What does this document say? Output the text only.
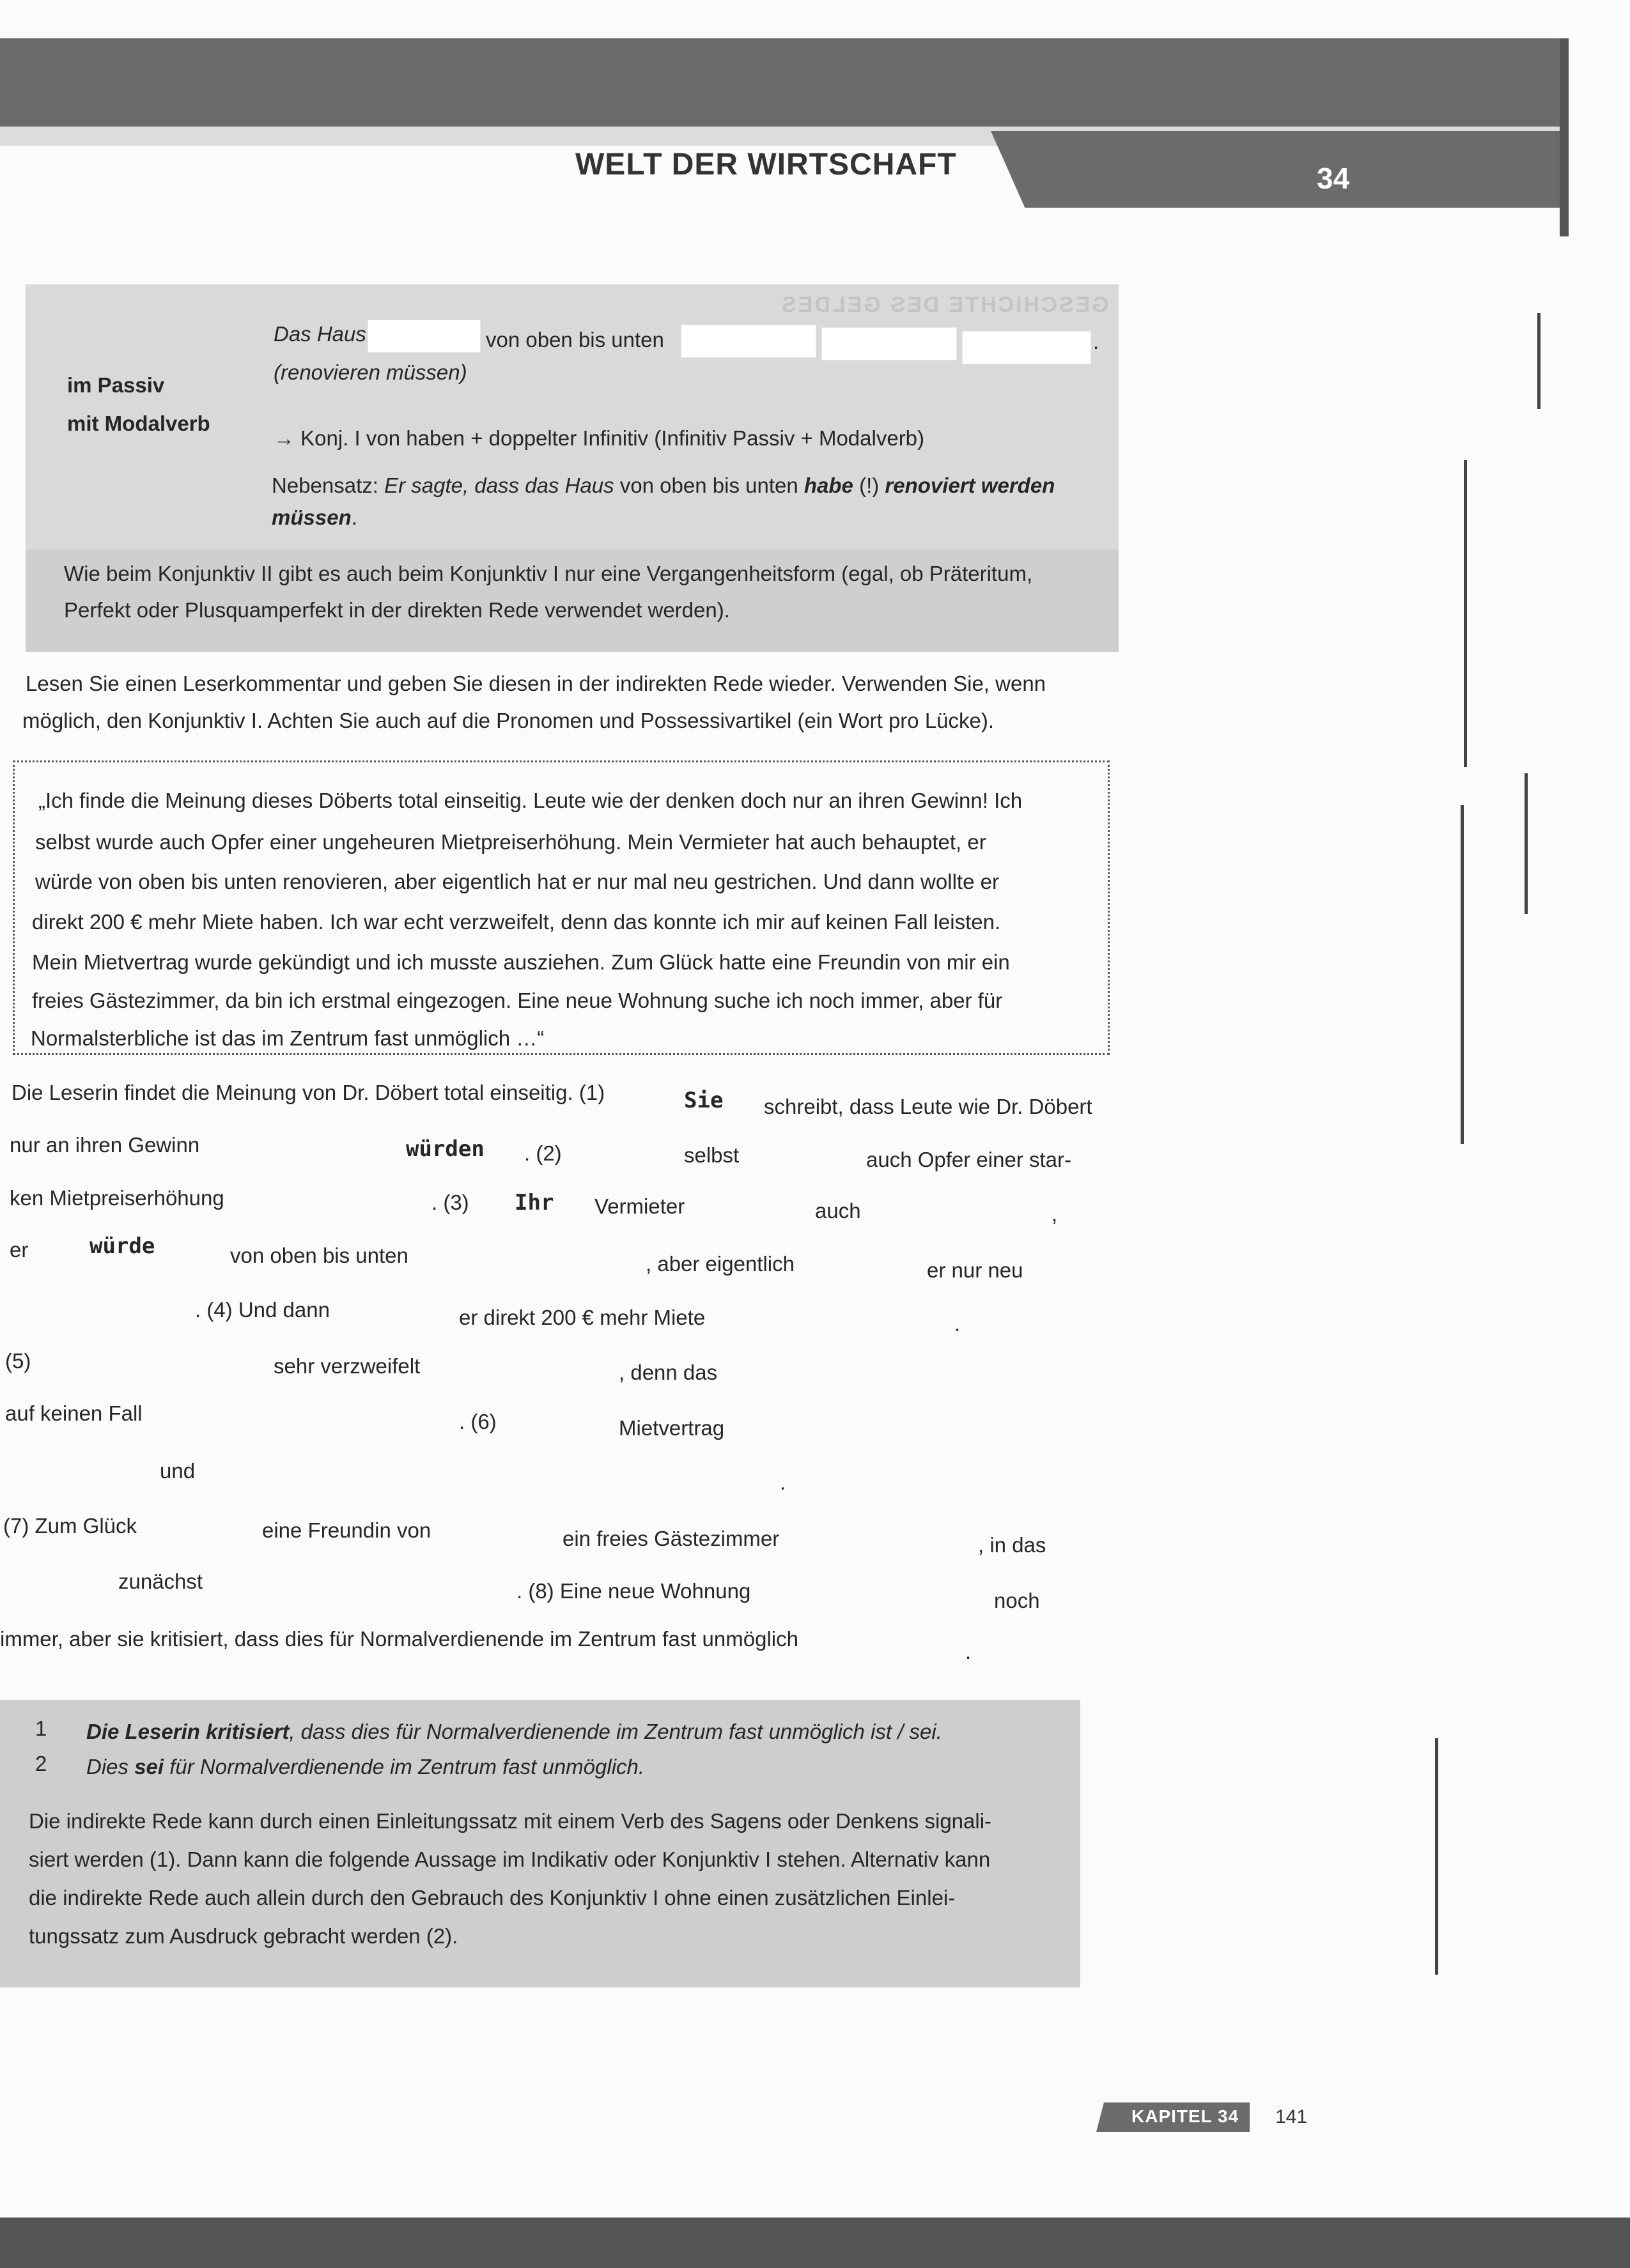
WELT DER WIRTSCHAFT	34
GESCHICHTE DES GELDES
im Passiv
mit Modalverb
Das Haus	von oben bis unten	.
(renovieren müssen)
→ Konj. I von haben + doppelter Infinitiv (Infinitiv Passiv + Modalverb)
Nebensatz: Er sagte, dass das Haus von oben bis unten habe (!) renoviert werden
müssen.
Wie beim Konjunktiv II gibt es auch beim Konjunktiv I nur eine Vergangenheitsform (egal, ob Präteritum,
Perfekt oder Plusquamperfekt in der direkten Rede verwendet werden).
Lesen Sie einen Leserkommentar und geben Sie diesen in der indirekten Rede wieder. Verwenden Sie, wenn
möglich, den Konjunktiv I. Achten Sie auch auf die Pronomen und Possessivartikel (ein Wort pro Lücke).
„Ich finde die Meinung dieses Döberts total einseitig. Leute wie der denken doch nur an ihren Gewinn! Ich
selbst wurde auch Opfer einer ungeheuren Mietpreiserhöhung. Mein Vermieter hat auch behauptet, er
würde von oben bis unten renovieren, aber eigentlich hat er nur mal neu gestrichen. Und dann wollte er
direkt 200 € mehr Miete haben. Ich war echt verzweifelt, denn das konnte ich mir auf keinen Fall leisten.
Mein Mietvertrag wurde gekündigt und ich musste ausziehen. Zum Glück hatte eine Freundin von mir ein
freies Gästezimmer, da bin ich erstmal eingezogen. Eine neue Wohnung suche ich noch immer, aber für
Normalsterbliche ist das im Zentrum fast unmöglich …“
Die Leserin findet die Meinung von Dr. Döbert total einseitig. (1)	Sie schreibt, dass Leute wie Dr. Döbert
nur an ihren Gewinn	würden . (2)	selbst	auch Opfer einer star-
ken Mietpreiserhöhung	. (3) Ihr Vermieter	auch	,
er	würde	von oben bis unten	, aber eigentlich	er nur neu
. (4) Und dann	er direkt 200 € mehr Miete	.
(5)	sehr verzweifelt	, denn das
auf keinen Fall	. (6)	Mietvertrag
und	.
(7) Zum Glück	eine Freundin von	ein freies Gästezimmer	, in das
zunächst	. (8) Eine neue Wohnung	noch
immer, aber sie kritisiert, dass dies für Normalverdienende im Zentrum fast unmöglich
.
1 Die Leserin kritisiert, dass dies für Normalverdienende im Zentrum fast unmöglich ist / sei.
2 Dies sei für Normalverdienende im Zentrum fast unmöglich.
Die indirekte Rede kann durch einen Einleitungssatz mit einem Verb des Sagens oder Denkens signali-
siert werden (1). Dann kann die folgende Aussage im Indikativ oder Konjunktiv I stehen. Alternativ kann
die indirekte Rede auch allein durch den Gebrauch des Konjunktiv I ohne einen zusätzlichen Einlei-
tungssatz zum Ausdruck gebracht werden (2).
KAPITEL 34 141
